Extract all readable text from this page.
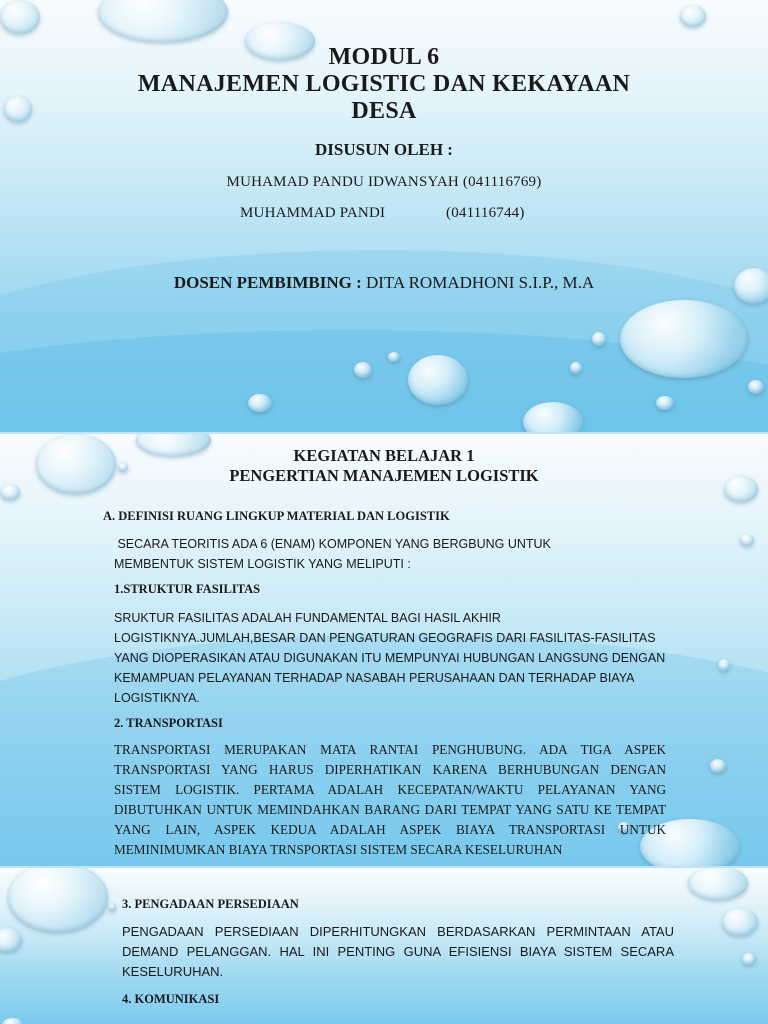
MODUL 6
MANAJEMEN LOGISTIC DAN KEKAYAAN
DESA
DISUSUN OLEH :
MUHAMAD PANDU IDWANSYAH (041116769)
MUHAMMAD PANDI	(041116744)
DOSEN PEMBIMBING : DITA ROMADHONI S.I.P., M.A
KEGIATAN BELAJAR 1
PENGERTIAN MANAJEMEN LOGISTIK
A. DEFINISI RUANG LINGKUP MATERIAL DAN LOGISTIK
SECARA TEORITIS ADA 6 (ENAM) KOMPONEN YANG BERGBUNG UNTUK
MEMBENTUK SISTEM LOGISTIK YANG MELIPUTI :
1.STRUKTUR FASILITAS
SRUKTUR FASILITAS ADALAH FUNDAMENTAL BAGI HASIL AKHIR LOGISTIKNYA.JUMLAH,BESAR DAN PENGATURAN GEOGRAFIS DARI FASILITAS-FASILITAS YANG DIOPERASIKAN ATAU DIGUNAKAN ITU MEMPUNYAI HUBUNGAN LANGSUNG DENGAN KEMAMPUAN PELAYANAN TERHADAP NASABAH PERUSAHAAN DAN TERHADAP BIAYA LOGISTIKNYA.
2. TRANSPORTASI
TRANSPORTASI MERUPAKAN MATA RANTAI PENGHUBUNG. ADA TIGA ASPEK TRANSPORTASI YANG HARUS DIPERHATIKAN KARENA BERHUBUNGAN DENGAN SISTEM LOGISTIK. PERTAMA ADALAH KECEPATAN/WAKTU PELAYANAN YANG DIBUTUHKAN UNTUK MEMINDAHKAN BARANG DARI TEMPAT YANG SATU KE TEMPAT YANG LAIN, ASPEK KEDUA ADALAH ASPEK BIAYA TRANSPORTASI UNTUK MEMINIMUMKAN BIAYA TRNSPORTASI SISTEM SECARA KESELURUHAN
3. PENGADAAN PERSEDIAAN
PENGADAAN PERSEDIAAN DIPERHITUNGKAN BERDASARKAN PERMINTAAN ATAU DEMAND PELANGGAN. HAL INI PENTING GUNA EFISIENSI BIAYA SISTEM SECARA KESELURUHAN.
4. KOMUNIKASI
